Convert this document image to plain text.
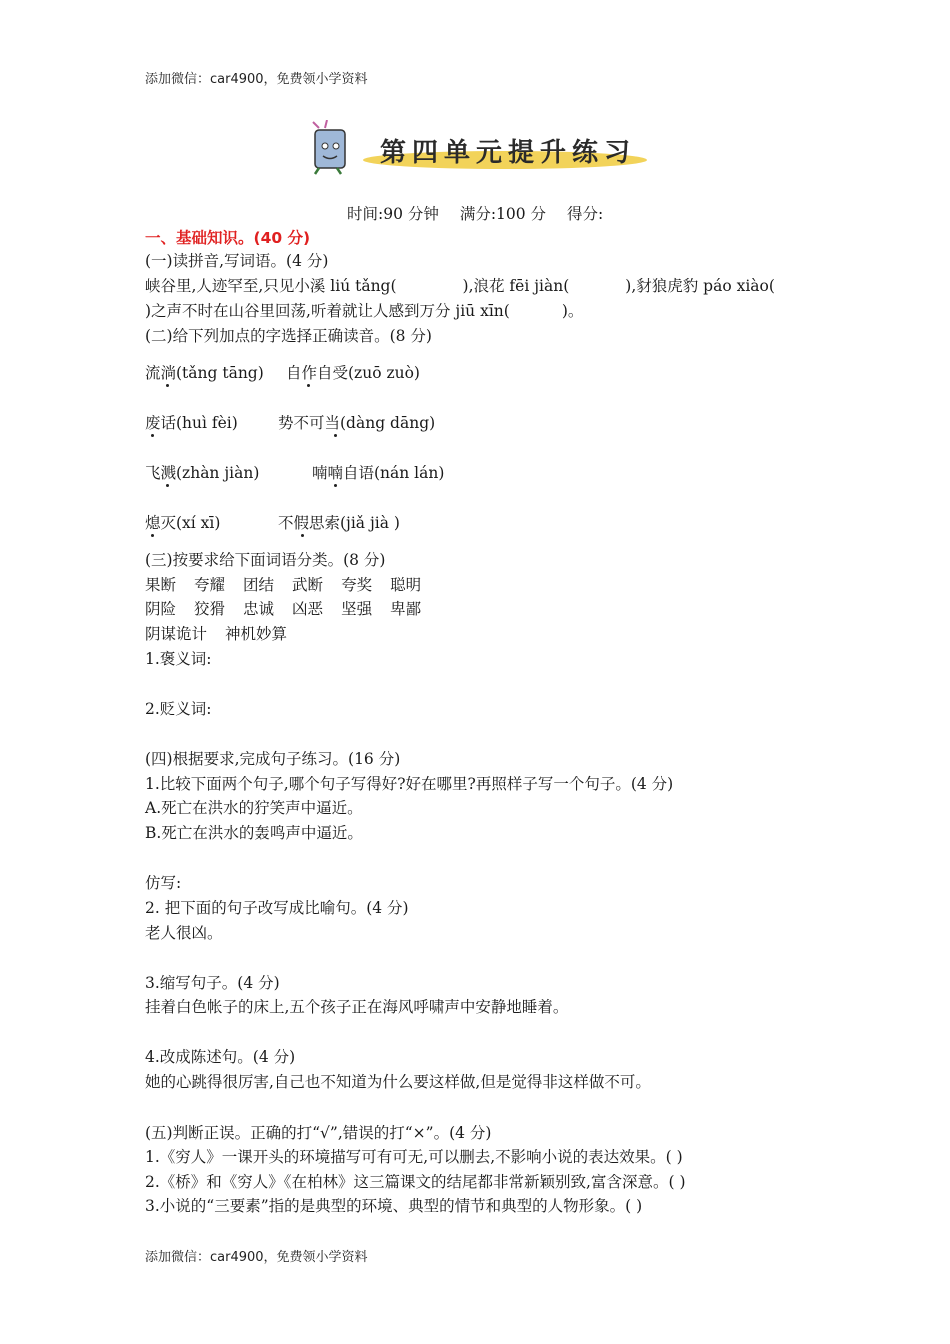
添加微信：car4900，免费领小学资料
第四单元提升练习
时间:90 分钟 满分:100 分 得分:
一、基础知识。(40 分)
(一)读拼音,写词语。(4 分)
峡谷里,人迹罕至,只见小溪 liú tǎng(	),浪花 fēi jiàn(	),豺狼虎豹 páo xiào(
)之声不时在山谷里回荡,听着就让人感到万分 jiū xīn(	)。
(二)给下列加点的字选择正确读音。(8 分)
流淌(tǎng tāng) 自作自受(zuō zuò)
废话(huì fèi)	势不可当(dàng dāng)
飞溅(zhàn jiàn)	喃喃自语(nán lán)
熄灭(xí xī)	不假思索(jiǎ jià )
(三)按要求给下面词语分类。(8 分)
果断 夸耀 团结 武断 夸奖 聪明
阴险 狡猾 忠诚 凶恶 坚强 卑鄙
阴谋诡计 神机妙算
1.褒义词:
2.贬义词:
(四)根据要求,完成句子练习。(16 分)
1.比较下面两个句子,哪个句子写得好?好在哪里?再照样子写一个句子。(4 分)
A.死亡在洪水的狞笑声中逼近。
B.死亡在洪水的轰鸣声中逼近。
仿写:
2. 把下面的句子改写成比喻句。(4 分)
老人很凶。
3.缩写句子。(4 分)
挂着白色帐子的床上,五个孩子正在海风呼啸声中安静地睡着。
4.改成陈述句。(4 分)
她的心跳得很厉害,自己也不知道为什么要这样做,但是觉得非这样做不可。
(五)判断正误。正确的打“√”,错误的打“×”。(4 分)
1.《穷人》一课开头的环境描写可有可无,可以删去,不影响小说的表达效果。( )
2.《桥》和《穷人》《在柏林》这三篇课文的结尾都非常新颖别致,富含深意。( )
3.小说的“三要素”指的是典型的环境、典型的情节和典型的人物形象。( )
添加微信：car4900，免费领小学资料
